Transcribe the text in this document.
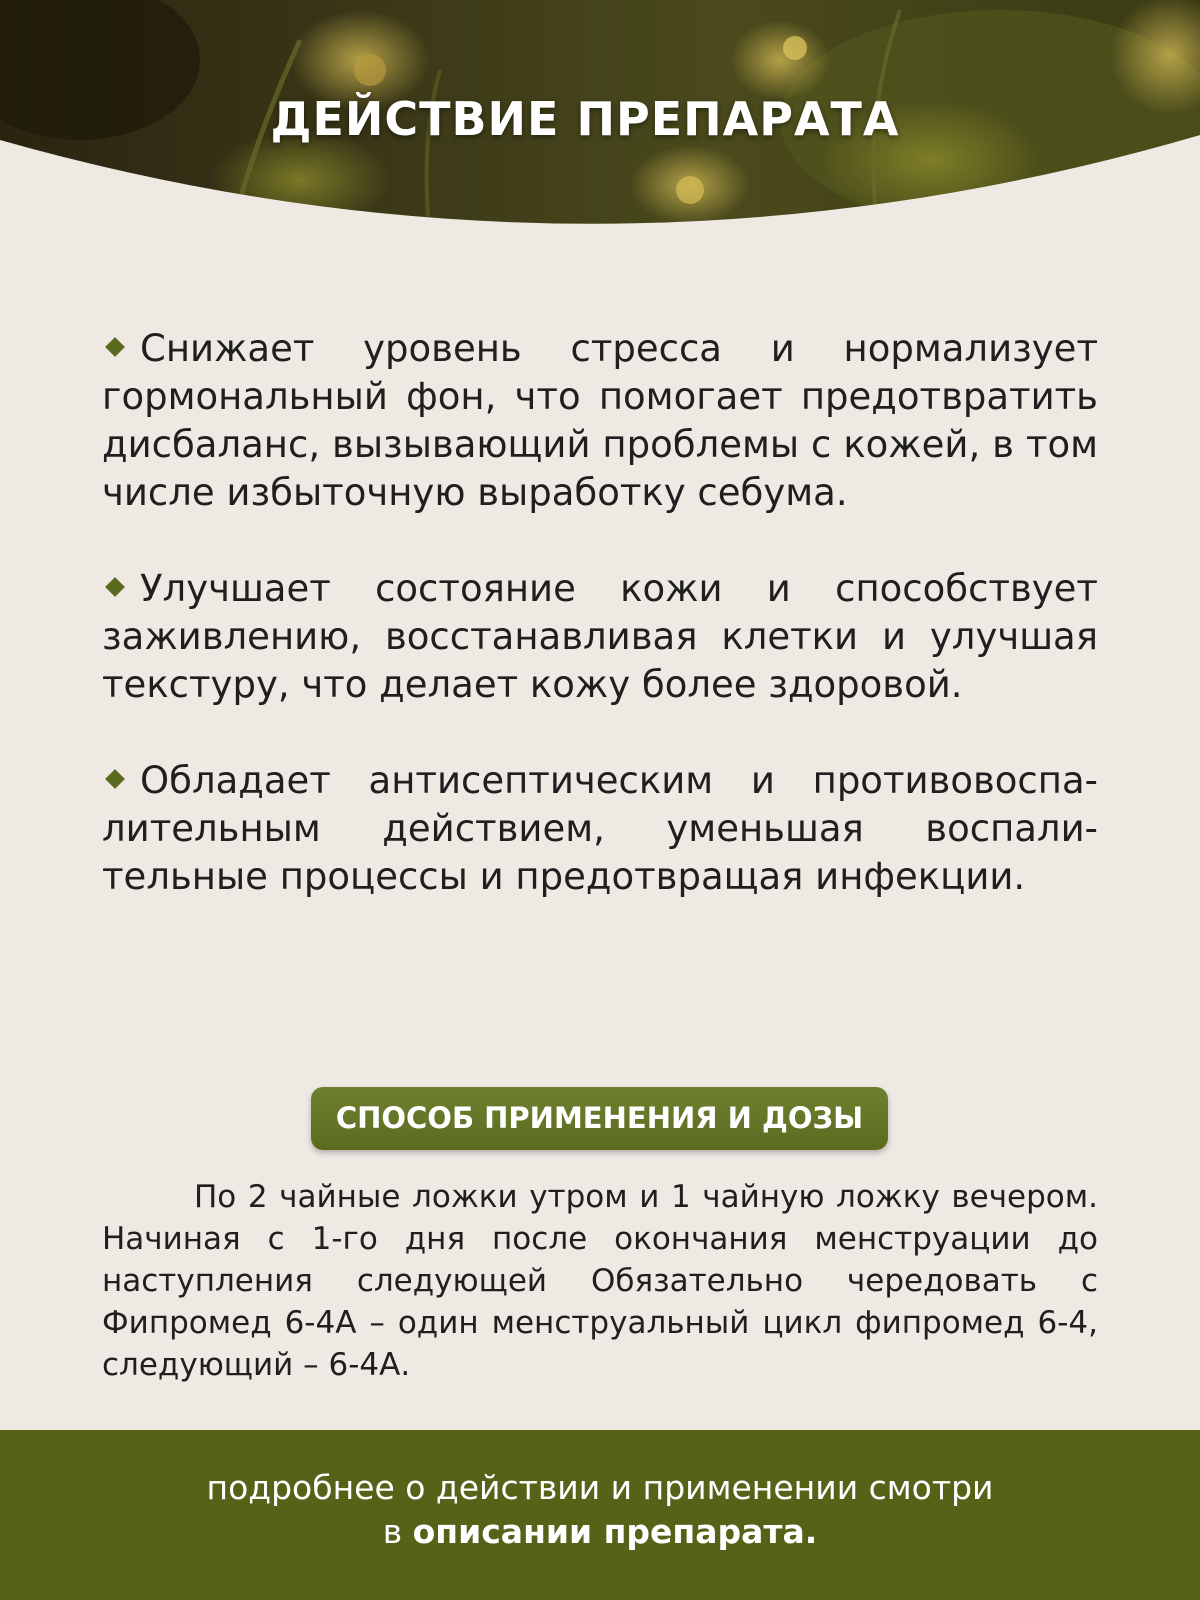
ДЕЙСТВИЕ ПРЕПАРАТА

Снижает уровень стресса и нормализует гормональный фон, что помогает предотвратить дисбаланс, вызывающий проблемы с кожей, в том числе избыточную выработку себума.

Улучшает состояние кожи и способствует заживлению, восстанавливая клетки и улучшая текстуру, что делает кожу более здоровой.

Обладает антисептическим и противовоспалительным действием, уменьшая воспалительные процессы и предотвращая инфекции.

СПОСОБ ПРИМЕНЕНИЯ И ДОЗЫ

По 2 чайные ложки утром и 1 чайную ложку вечером. Начиная с 1-го дня после окончания менструации до наступления следующей Обязательно чередовать с Фипромед 6-4А – один менструальный цикл фипромед 6-4, следующий – 6-4А.

подробнее о действии и применении смотри
в описании препарата.
